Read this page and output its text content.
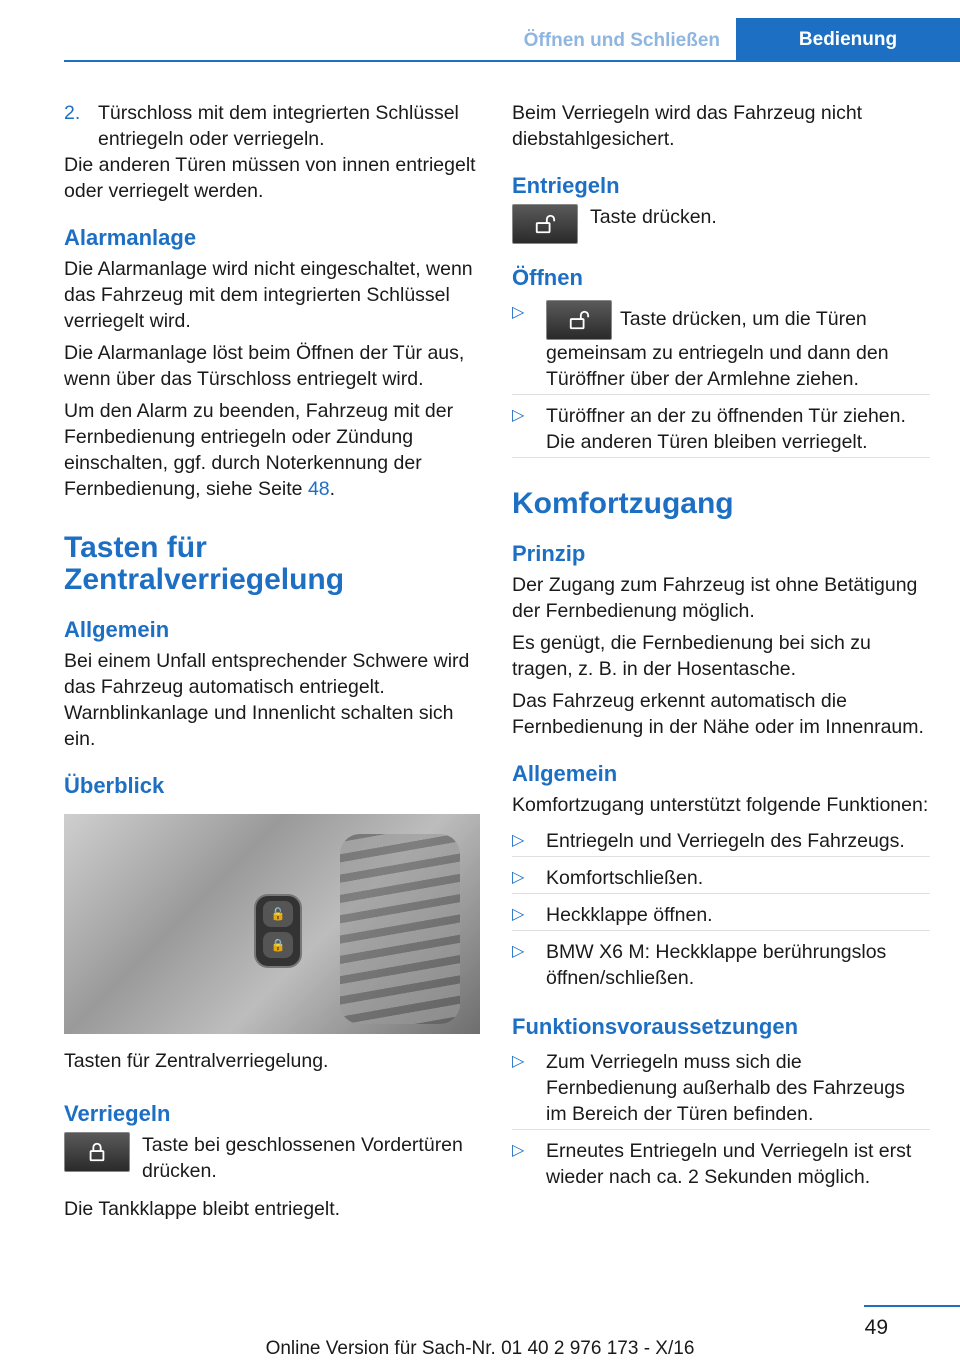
Öffnen und Schließen	Bedienung
2. Türschloss mit dem integrierten Schlüssel entriegeln oder verriegeln.

Die anderen Türen müssen von innen entriegelt oder verriegelt werden.

Alarmanlage

Die Alarmanlage wird nicht eingeschaltet, wenn das Fahrzeug mit dem integrierten Schlüssel verriegelt wird.

Die Alarmanlage löst beim Öffnen der Tür aus, wenn über das Türschloss entriegelt wird.

Um den Alarm zu beenden, Fahrzeug mit der Fernbedienung entriegeln oder Zündung einschalten, ggf. durch Noterkennung der Fernbedienung, siehe Seite 48.

Tasten für
Zentralverriegelung
Allgemein

Bei einem Unfall entsprechender Schwere wird das Fahrzeug automatisch entriegelt. Warnblinkanlage und Innenlicht schalten sich ein.

Überblick
🔓
🔒

Tasten für Zentralverriegelung.

Verriegeln
Taste bei geschlossenen Vordertüren drücken.

Die Tankklappe bleibt entriegelt.

Beim Verriegeln wird das Fahrzeug nicht diebstahlgesichert.

Entriegeln
Taste drücken.
Öffnen
▷	Taste drücken, um die Türen gemeinsam zu entriegeln und dann den Türöffner über der Armlehne ziehen.
▷	Türöffner an der zu öffnenden Tür ziehen. Die anderen Türen bleiben verriegelt.
Komfortzugang
Prinzip

Der Zugang zum Fahrzeug ist ohne Betätigung der Fernbedienung möglich.

Es genügt, die Fernbedienung bei sich zu tragen, z. B. in der Hosentasche.

Das Fahrzeug erkennt automatisch die Fernbedienung in der Nähe oder im Innenraum.

Allgemein

Komfortzugang unterstützt folgende Funktionen:

▷	Entriegeln und Verriegeln des Fahrzeugs.
▷	Komfortschließen.
▷	Heckklappe öffnen.
▷	BMW X6 M: Heckklappe berührungslos öffnen/schließen.
Funktionsvoraussetzungen
▷	Zum Verriegeln muss sich die Fernbedienung außerhalb des Fahrzeugs im Bereich der Türen befinden.
▷	Erneutes Entriegeln und Verriegeln ist erst wieder nach ca. 2 Sekunden möglich.
49
Online Version für Sach-Nr. 01 40 2 976 173 - X/16
